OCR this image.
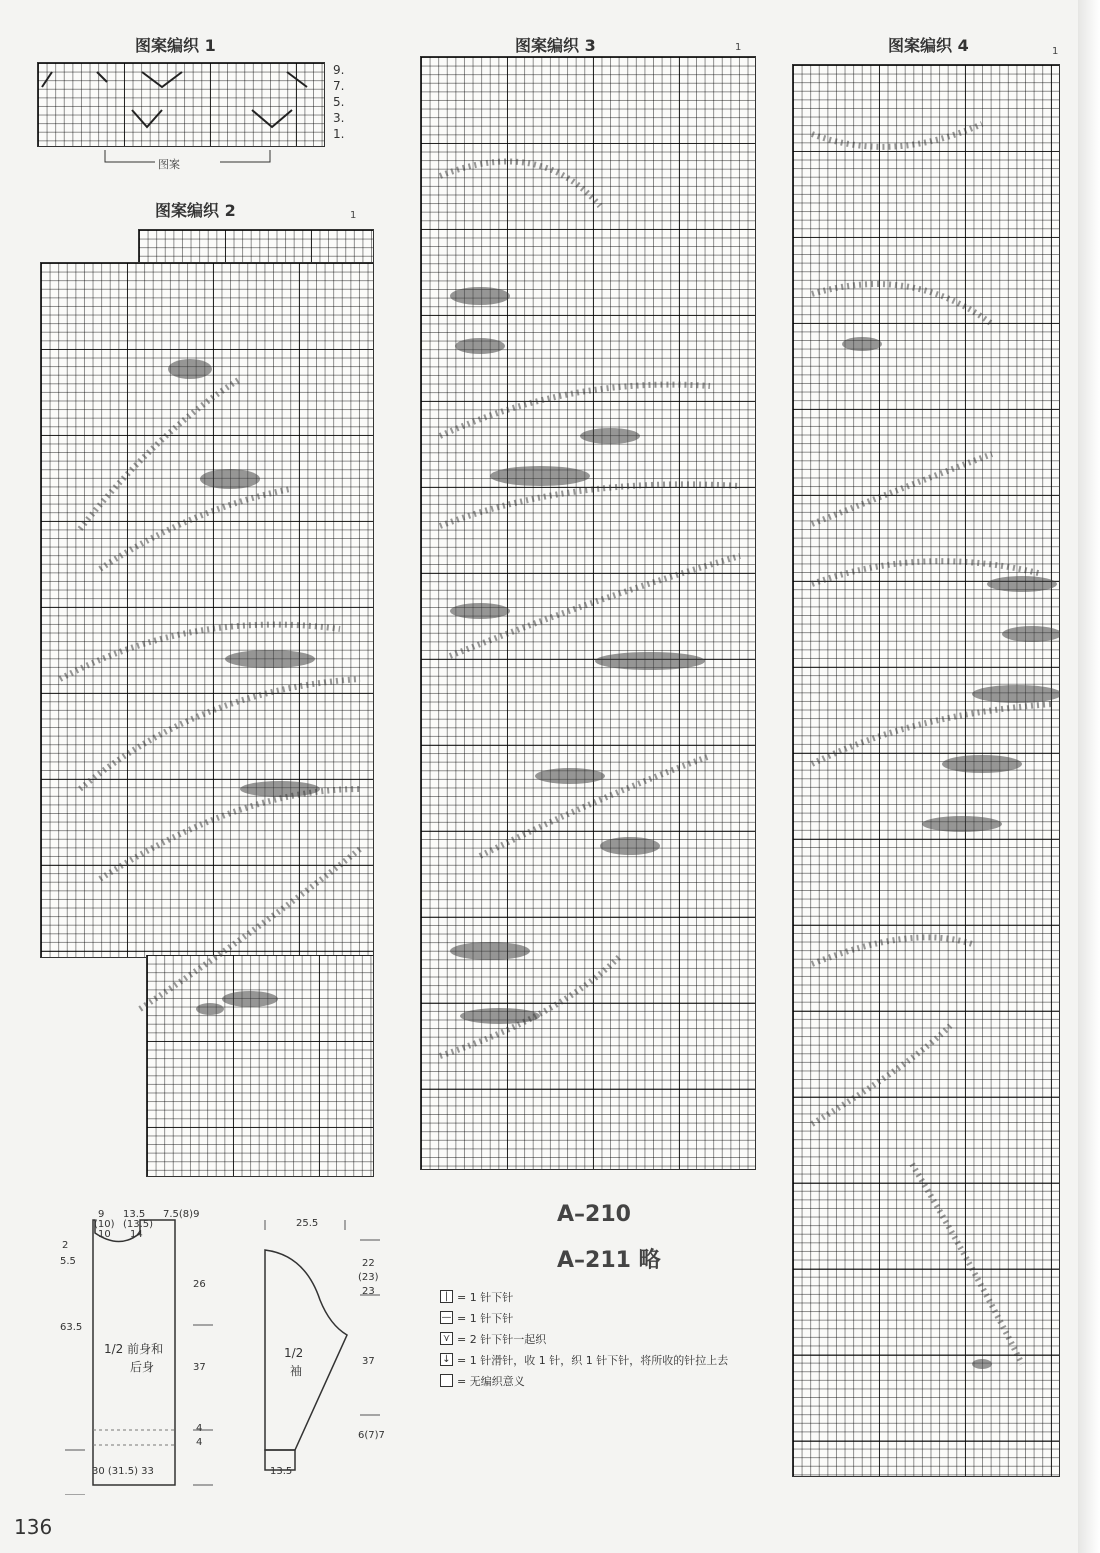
图案编织 1
9.
7.
5.
3.
1.
图案
图案编织 2	1
图案编织 3	1	图案编织 4	1
A–210
A–211 略
9 13.5 7.5(8)9
(10) (13.5)
10 14
2
5.5
63.5
26
37
4
4
1/2 前身和
后身
30 (31.5) 33
25.5
22
(23)
23
37
6(7)7
1/2
袖
13.5
| = 1 针下针
— = 1 针下针
⋎ = 2 针下针一起织
↓ = 1 针滑针，收 1 针，织 1 针下针，将所收的针拉上去
= 无编织意义
136
